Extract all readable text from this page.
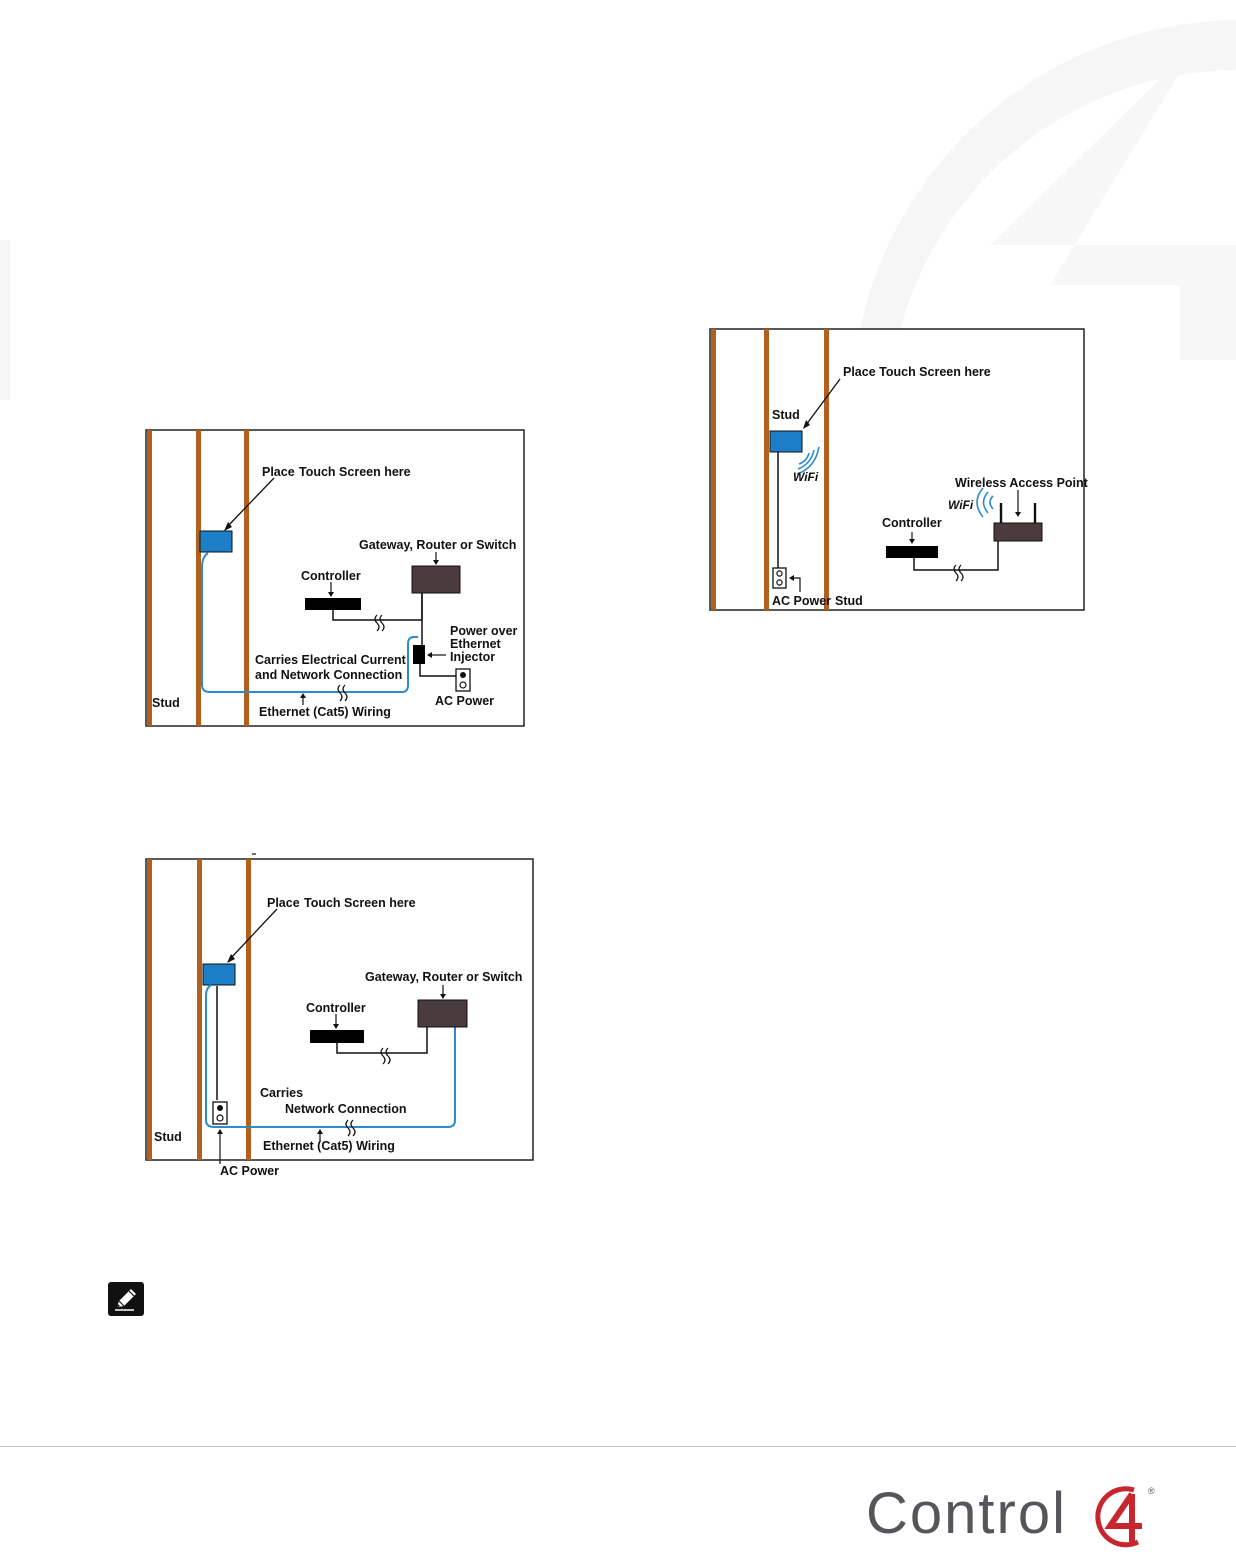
Place Touch Screen here
Gateway, Router or Switch
Controller
Power over
Ethernet
Injector
Carries Electrical Current
and Network Connection
AC Power
Stud
Ethernet (Cat5) Wiring
Place Touch Screen here
Gateway, Router or Switch
Controller
Carries
Network Connection
Stud
Ethernet (Cat5) Wiring
AC Power
Place Touch Screen here
Stud
WiFi	Wireless Access Point
WiFi
Controller
AC Power Stud
Control	®
